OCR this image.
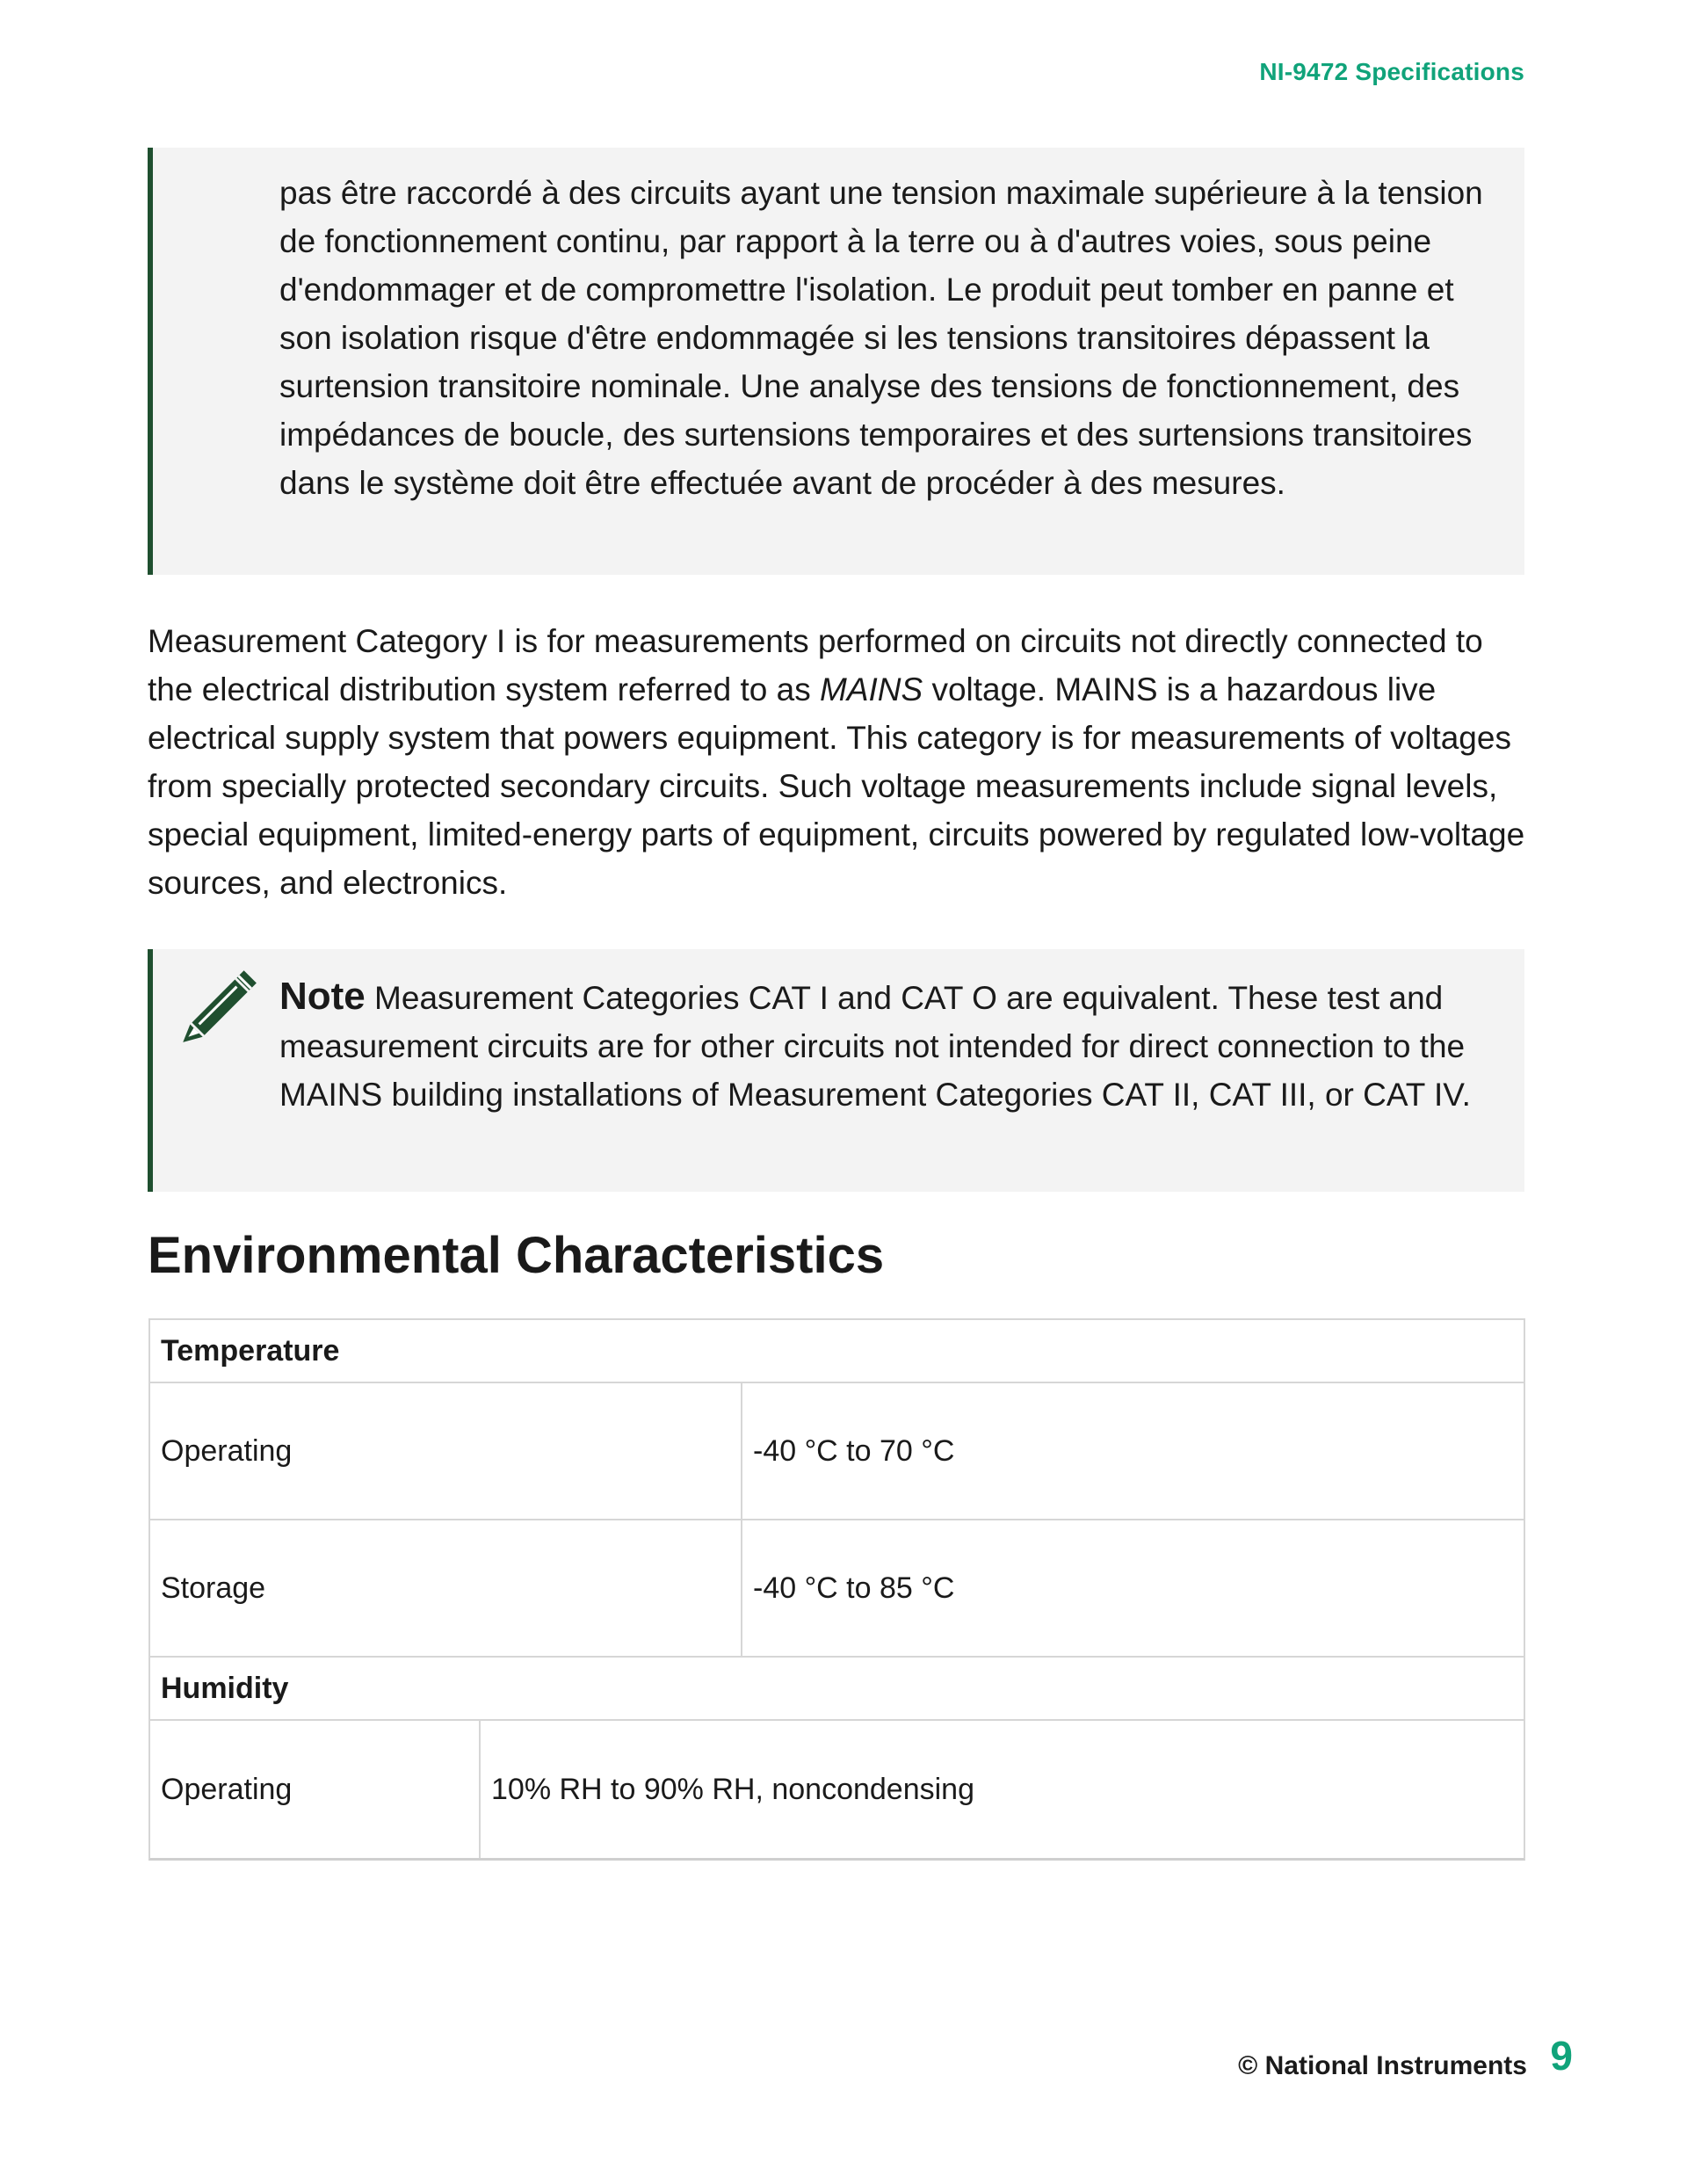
NI-9472 Specifications
pas être raccordé à des circuits ayant une tension maximale supérieure à la tension de fonctionnement continu, par rapport à la terre ou à d'autres voies, sous peine d'endommager et de compromettre l'isolation. Le produit peut tomber en panne et son isolation risque d'être endommagée si les tensions transitoires dépassent la surtension transitoire nominale. Une analyse des tensions de fonctionnement, des impédances de boucle, des surtensions temporaires et des surtensions transitoires dans le système doit être effectuée avant de procéder à des mesures.

Measurement Category I is for measurements performed on circuits not directly connected to the electrical distribution system referred to as MAINS voltage. MAINS is a hazardous live electrical supply system that powers equipment. This category is for measurements of voltages from specially protected secondary circuits. Such voltage measurements include signal levels, special equipment, limited-energy parts of equipment, circuits powered by regulated low-voltage sources, and electronics.

Note Measurement Categories CAT I and CAT O are equivalent. These test and measurement circuits are for other circuits not intended for direct connection to the MAINS building installations of Measurement Categories CAT II, CAT III, or CAT IV.
Environmental Characteristics
Temperature
Operating	-40 °C to 70 °C
Storage	-40 °C to 85 °C
Humidity
Operating	10% RH to 90% RH, noncondensing
© National Instruments 9
